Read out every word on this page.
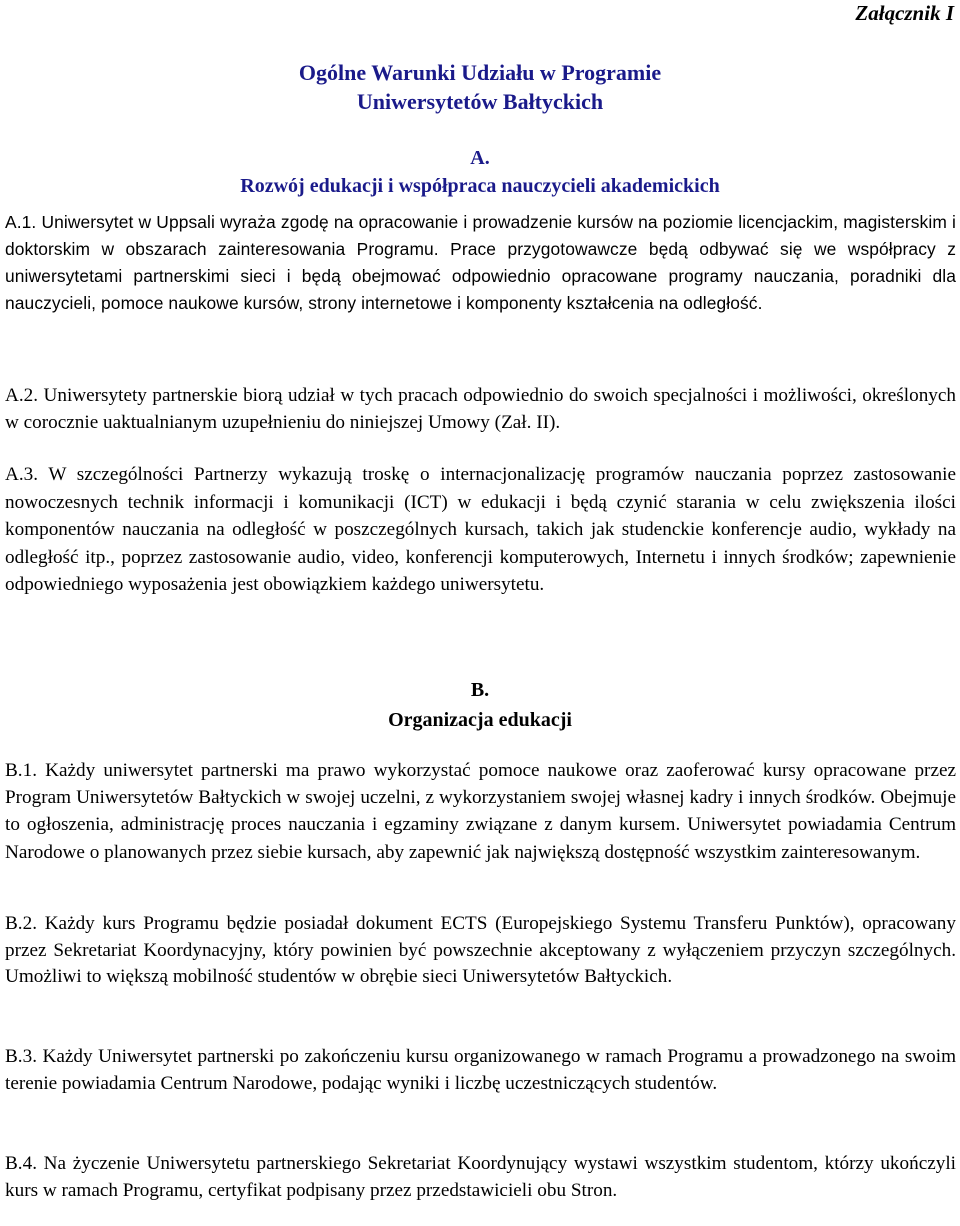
Załącznik I
Ogólne Warunki Udziału w Programie
Uniwersytetów Bałtyckich
A.
Rozwój edukacji i współpraca nauczycieli akademickich

A.1. Uniwersytet w Uppsali wyraża zgodę na opracowanie i prowadzenie kursów na poziomie licencjackim, magisterskim i doktorskim w obszarach zainteresowania Programu. Prace przygotowawcze będą odbywać się we współpracy z uniwersytetami partnerskimi sieci i będą obejmować odpowiednio opracowane programy nauczania, poradniki dla nauczycieli, pomoce naukowe kursów, strony internetowe i komponenty kształcenia na odległość.

A.2. Uniwersytety partnerskie biorą udział w tych pracach odpowiednio do swoich specjalności i możliwości, określonych w corocznie uaktualnianym uzupełnieniu do niniejszej Umowy (Zał. II).

A.3. W szczególności Partnerzy wykazują troskę o internacjonalizację programów nauczania poprzez zastosowanie nowoczesnych technik informacji i komunikacji (ICT) w edukacji i będą czynić starania w celu zwiększenia ilości komponentów nauczania na odległość w poszczególnych kursach, takich jak studenckie konferencje audio, wykłady na odległość itp., poprzez zastosowanie audio, video, konferencji komputerowych, Internetu i innych środków; zapewnienie odpowiedniego wyposażenia jest obowiązkiem każdego uniwersytetu.

B.
Organizacja edukacji

B.1. Każdy uniwersytet partnerski ma prawo wykorzystać pomoce naukowe oraz zaoferować kursy opracowane przez Program Uniwersytetów Bałtyckich w swojej uczelni, z wykorzystaniem swojej własnej kadry i innych środków. Obejmuje to ogłoszenia, administrację proces nauczania i egzaminy związane z danym kursem. Uniwersytet powiadamia Centrum Narodowe o planowanych przez siebie kursach, aby zapewnić jak największą dostępność wszystkim zainteresowanym.

B.2. Każdy kurs Programu będzie posiadał dokument ECTS (Europejskiego Systemu Transferu Punktów), opracowany przez Sekretariat Koordynacyjny, który powinien być powszechnie akceptowany z wyłączeniem przyczyn szczególnych. Umożliwi to większą mobilność studentów w obrębie sieci Uniwersytetów Bałtyckich.

B.3. Każdy Uniwersytet partnerski po zakończeniu kursu organizowanego w ramach Programu a prowadzonego na swoim terenie powiadamia Centrum Narodowe, podając wyniki i liczbę uczestniczących studentów.

B.4. Na życzenie Uniwersytetu partnerskiego Sekretariat Koordynujący wystawi wszystkim studentom, którzy ukończyli kurs w ramach Programu, certyfikat podpisany przez przedstawicieli obu Stron.
